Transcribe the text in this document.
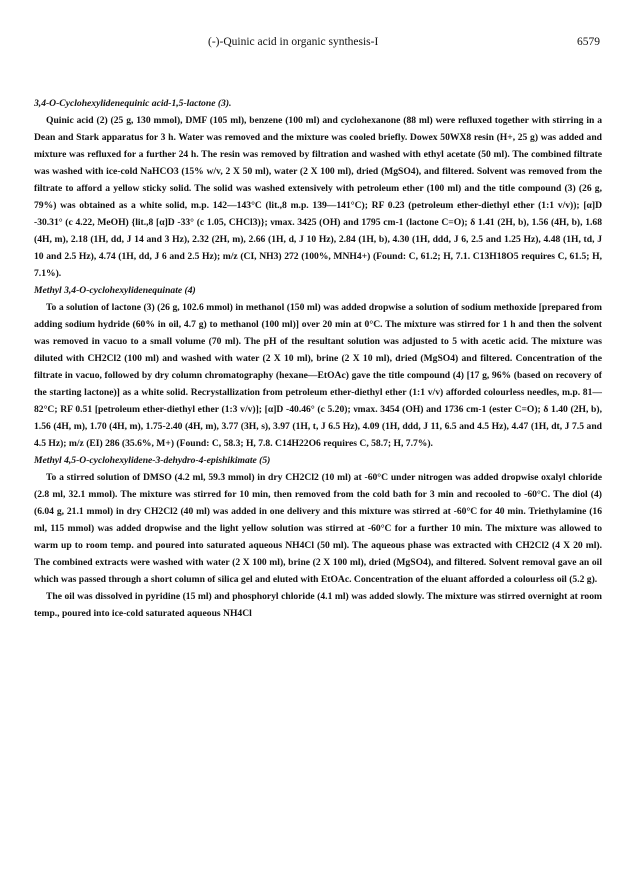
(-)-Quinic acid in organic synthesis-I	6579

3,4-O-Cyclohexylidenequinic acid-1,5-lactone (3).

Quinic acid (2) (25 g, 130 mmol), DMF (105 ml), benzene (100 ml) and cyclohexanone (88 ml) were refluxed together with stirring in a Dean and Stark apparatus for 3 h. Water was removed and the mixture was cooled briefly. Dowex 50WX8 resin (H+, 25 g) was added and mixture was refluxed for a further 24 h. The resin was removed by filtration and washed with ethyl acetate (50 ml). The combined filtrate was washed with ice-cold NaHCO3 (15% w/v, 2 X 50 ml), water (2 X 100 ml), dried (MgSO4), and filtered. Solvent was removed from the filtrate to afford a yellow sticky solid. The solid was washed extensively with petroleum ether (100 ml) and the title compound (3) (26 g, 79%) was obtained as a white solid, m.p. 142—143°C (lit.,8 m.p. 139—141°C); RF 0.23 (petroleum ether-diethyl ether (1:1 v/v)); [α]D -30.31° (c 4.22, MeOH) {lit.,8 [α]D -33° (c 1.05, CHCl3)}; νmax. 3425 (OH) and 1795 cm-1 (lactone C=O); δ 1.41 (2H, b), 1.56 (4H, b), 1.68 (4H, m), 2.18 (1H, dd, J 14 and 3 Hz), 2.32 (2H, m), 2.66 (1H, d, J 10 Hz), 2.84 (1H, b), 4.30 (1H, ddd, J 6, 2.5 and 1.25 Hz), 4.48 (1H, td, J 10 and 2.5 Hz), 4.74 (1H, dd, J 6 and 2.5 Hz); m/z (CI, NH3) 272 (100%, MNH4+) (Found: C, 61.2; H, 7.1. C13H18O5 requires C, 61.5; H, 7.1%).

Methyl 3,4-O-cyclohexylidenequinate (4)

To a solution of lactone (3) (26 g, 102.6 mmol) in methanol (150 ml) was added dropwise a solution of sodium methoxide [prepared from adding sodium hydride (60% in oil, 4.7 g) to methanol (100 ml)] over 20 min at 0°C. The mixture was stirred for 1 h and then the solvent was removed in vacuo to a small volume (70 ml). The pH of the resultant solution was adjusted to 5 with acetic acid. The mixture was diluted with CH2Cl2 (100 ml) and washed with water (2 X 10 ml), brine (2 X 10 ml), dried (MgSO4) and filtered. Concentration of the filtrate in vacuo, followed by dry column chromatography (hexane—EtOAc) gave the title compound (4) [17 g, 96% (based on recovery of the starting lactone)] as a white solid. Recrystallization from petroleum ether-diethyl ether (1:1 v/v) afforded colourless needles, m.p. 81—82°C; RF 0.51 [petroleum ether-diethyl ether (1:3 v/v)]; [α]D -40.46° (c 5.20); νmax. 3454 (OH) and 1736 cm-1 (ester C=O); δ 1.40 (2H, b), 1.56 (4H, m), 1.70 (4H, m), 1.75-2.40 (4H, m), 3.77 (3H, s), 3.97 (1H, t, J 6.5 Hz), 4.09 (1H, ddd, J 11, 6.5 and 4.5 Hz), 4.47 (1H, dt, J 7.5 and 4.5 Hz); m/z (EI) 286 (35.6%, M+) (Found: C, 58.3; H, 7.8. C14H22O6 requires C, 58.7; H, 7.7%).

Methyl 4,5-O-cyclohexylidene-3-dehydro-4-epishikimate (5)

To a stirred solution of DMSO (4.2 ml, 59.3 mmol) in dry CH2Cl2 (10 ml) at -60°C under nitrogen was added dropwise oxalyl chloride (2.8 ml, 32.1 mmol). The mixture was stirred for 10 min, then removed from the cold bath for 3 min and recooled to -60°C. The diol (4) (6.04 g, 21.1 mmol) in dry CH2Cl2 (40 ml) was added in one delivery and this mixture was stirred at -60°C for 40 min. Triethylamine (16 ml, 115 mmol) was added dropwise and the light yellow solution was stirred at -60°C for a further 10 min. The mixture was allowed to warm up to room temp. and poured into saturated aqueous NH4Cl (50 ml). The aqueous phase was extracted with CH2Cl2 (4 X 20 ml). The combined extracts were washed with water (2 X 100 ml), brine (2 X 100 ml), dried (MgSO4), and filtered. Solvent removal gave an oil which was passed through a short column of silica gel and eluted with EtOAc. Concentration of the eluant afforded a colourless oil (5.2 g).

The oil was dissolved in pyridine (15 ml) and phosphoryl chloride (4.1 ml) was added slowly. The mixture was stirred overnight at room temp., poured into ice-cold saturated aqueous NH4Cl
